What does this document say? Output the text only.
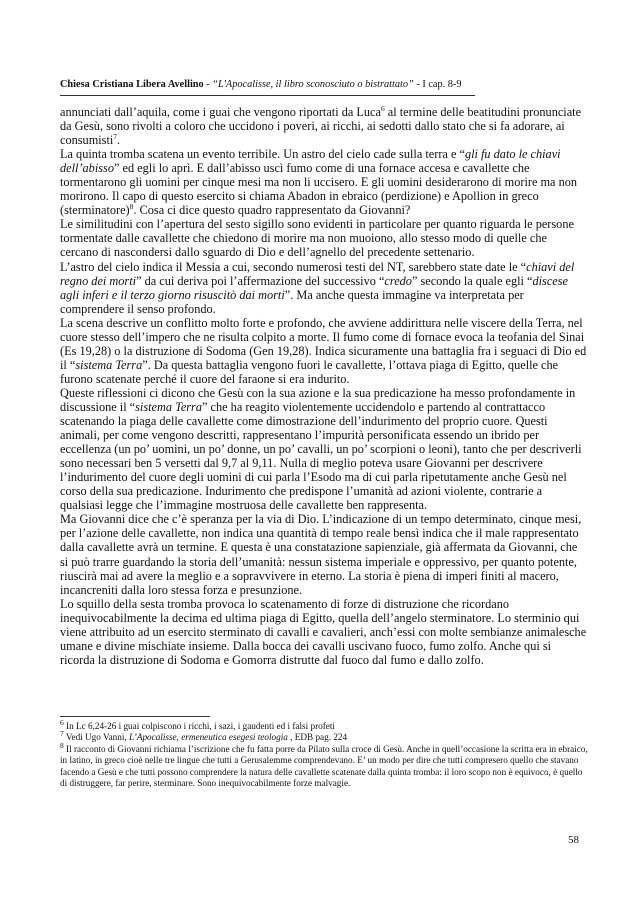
Chiesa Cristiana Libera Avellino - “L'Apocalisse, il libro sconosciuto o bistrattato” - I cap. 8-9

annunciati dall’aquila, come i guai che vengono riportati da Luca$^6$ al termine delle beatitudini pronunciate da Gesù, sono rivolti a coloro che uccidono i poveri, ai ricchi, ai sedotti dallo stato che si fa adorare, ai consumisti$^7$.

La quinta tromba scatena un evento terribile. Un astro del cielo cade sulla terra e “gli fu dato le chiavi dell’abisso” ed egli lo aprì. E dall’abisso uscì fumo come di una fornace accesa e cavallette che tormentarono gli uomini per cinque mesi ma non li uccisero. E gli uomini desiderarono di morire ma non morirono. Il capo di questo esercito si chiama Abadon in ebraico (perdizione) e Apollion in greco (sterminatore)$^8$. Cosa ci dice questo quadro rappresentato da Giovanni?

Le similitudini con l’apertura del sesto sigillo sono evidenti in particolare per quanto riguarda le persone tormentate dalle cavallette che chiedono di morire ma non muoiono, allo stesso modo di quelle che cercano di nascondersi dallo sguardo di Dio e dell’agnello del precedente settenario.

L’astro del cielo indica il Messia a cui, secondo numerosi testi del NT, sarebbero state date le “chiavi del regno dei morti” da cui deriva poi l’affermazione del successivo “credo” secondo la quale egli “discese agli inferi e il terzo giorno risuscitò dai morti”. Ma anche questa immagine va interpretata per comprendere il senso profondo.

La scena descrive un conflitto molto forte e profondo, che avviene addirittura nelle viscere della Terra, nel cuore stesso dell’impero che ne risulta colpito a morte. Il fumo come di fornace evoca la teofania del Sinai (Es 19,28) o la distruzione di Sodoma (Gen 19,28). Indica sicuramente una battaglia fra i seguaci di Dio ed il “sistema Terra”. Da questa battaglia vengono fuori le cavallette, l’ottava piaga di Egitto, quelle che furono scatenate perché il cuore del faraone si era indurito.

Queste riflessioni ci dicono che Gesù con la sua azione e la sua predicazione ha messo profondamente in discussione il “sistema Terra” che ha reagito violentemente uccidendolo e partendo al contrattacco scatenando la piaga delle cavallette come dimostrazione dell’indurimento del proprio cuore. Questi animali, per come vengono descritti, rappresentano l’impurità personificata essendo un ibrido per eccellenza (un po’ uomini, un po’ donne, un po’ cavalli, un po’ scorpioni o leoni), tanto che per descriverli sono necessari ben 5 versetti dal 9,7 al 9,11. Nulla di meglio poteva usare Giovanni per descrivere l’indurimento del cuore degli uomini di cui parla l’Esodo ma di cui parla ripetutamente anche Gesù nel corso della sua predicazione. Indurimento che predispone l’umanità ad azioni violente, contrarie a qualsiasi legge che l’immagine mostruosa delle cavallette ben rappresenta.

Ma Giovanni dice che c’è speranza per la via di Dio. L’indicazione di un tempo determinato, cinque mesi, per l’azione delle cavallette, non indica una quantità di tempo reale bensì indica che il male rappresentato dalla cavallette avrà un termine. E questa è una constatazione sapienziale, già affermata da Giovanni, che si può trarre guardando la storia dell’umanità: nessun sistema imperiale e oppressivo, per quanto potente, riuscirà mai ad avere la meglio e a sopravvivere in eterno. La storia è piena di imperi finiti al macero, incancreniti dalla loro stessa forza e presunzione.

Lo squillo della sesta tromba provoca lo scatenamento di forze di distruzione che ricordano inequivocabilmente la decima ed ultima piaga di Egitto, quella dell’angelo sterminatore. Lo sterminio qui viene attribuito ad un esercito sterminato di cavalli e cavalieri, anch’essi con molte sembianze animalesche umane e divine mischiate insieme. Dalla bocca dei cavalli uscivano fuoco, fumo zolfo. Anche qui si ricorda la distruzione di Sodoma e Gomorra distrutte dal fuoco dal fumo e dallo zolfo.

$^6$ In Lc 6,24-26 i guai colpiscono i ricchi, i sazi, i gaudenti ed i falsi profeti

$^7$ Vedi Ugo Vanni, L’Apocalisse, ermeneutica esegesi teologia , EDB pag. 224

$^8$ Il racconto di Giovanni richiama l’iscrizione che fu fatta porre da Pilato sulla croce di Gesù. Anche in quell’occasione la scritta era in ebraico, in latino, in greco cioè nelle tre lingue che tutti a Gerusalemme comprendevano. E’ un modo per dire che tutti compresero quello che stavano facendo a Gesù e che tutti possono comprendere la natura delle cavallette scatenate dalla quinta tromba: il loro scopo non è equivoco, è quello di distruggere, far perire, sterminare. Sono inequivocabilmente forze malvagie.

58
